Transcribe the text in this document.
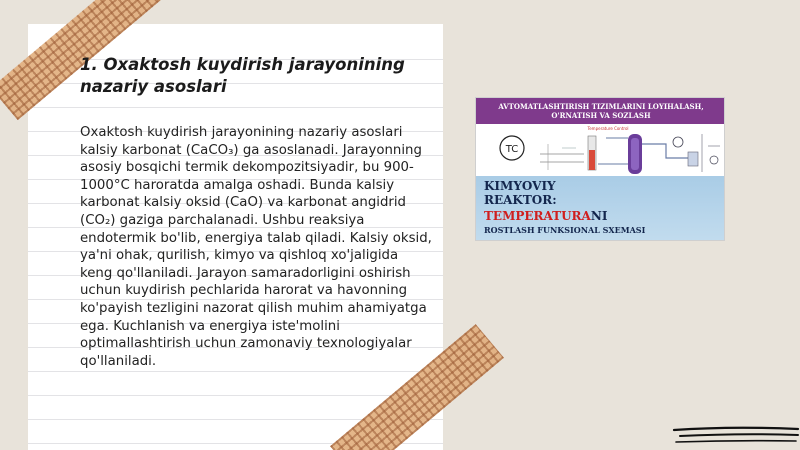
1. Oxaktosh kuydirish jarayonining nazariy asoslari
Oxaktosh kuydirish jarayonining nazariy asoslari kalsiy karbonat (CaCO₃) ga asoslanadi. Jarayonning asosiy bosqichi termik dekompozitsiyadir, bu 900-1000°C haroratda amalga oshadi. Bunda kalsiy karbonat kalsiy oksid (CaO) va karbonat angidrid (CO₂) gaziga parchalanadi. Ushbu reaksiya endotermik bo'lib, energiya talab qiladi. Kalsiy oksid, ya'ni ohak, qurilish, kimyo va qishloq xo'jaligida keng qo'llaniladi. Jarayon samaradorligini oshirish uchun kuydirish pechlarida harorat va havonning ko'payish tezligini nazorat qilish muhim ahamiyatga ega. Kuchlanish va energiya iste'molini optimallashtirish uchun zamonaviy texnologiyalar qo'llaniladi.
AVTOMATLASHTIRISH TIZIMLARINI LOYIHALASH,
O'RNATISH VA SOZLASH
TC
Temperature Control
KIMYOVIY
REAKTOR:
TEMPERATURANI
ROSTLASH FUNKSIONAL SXEMASI
